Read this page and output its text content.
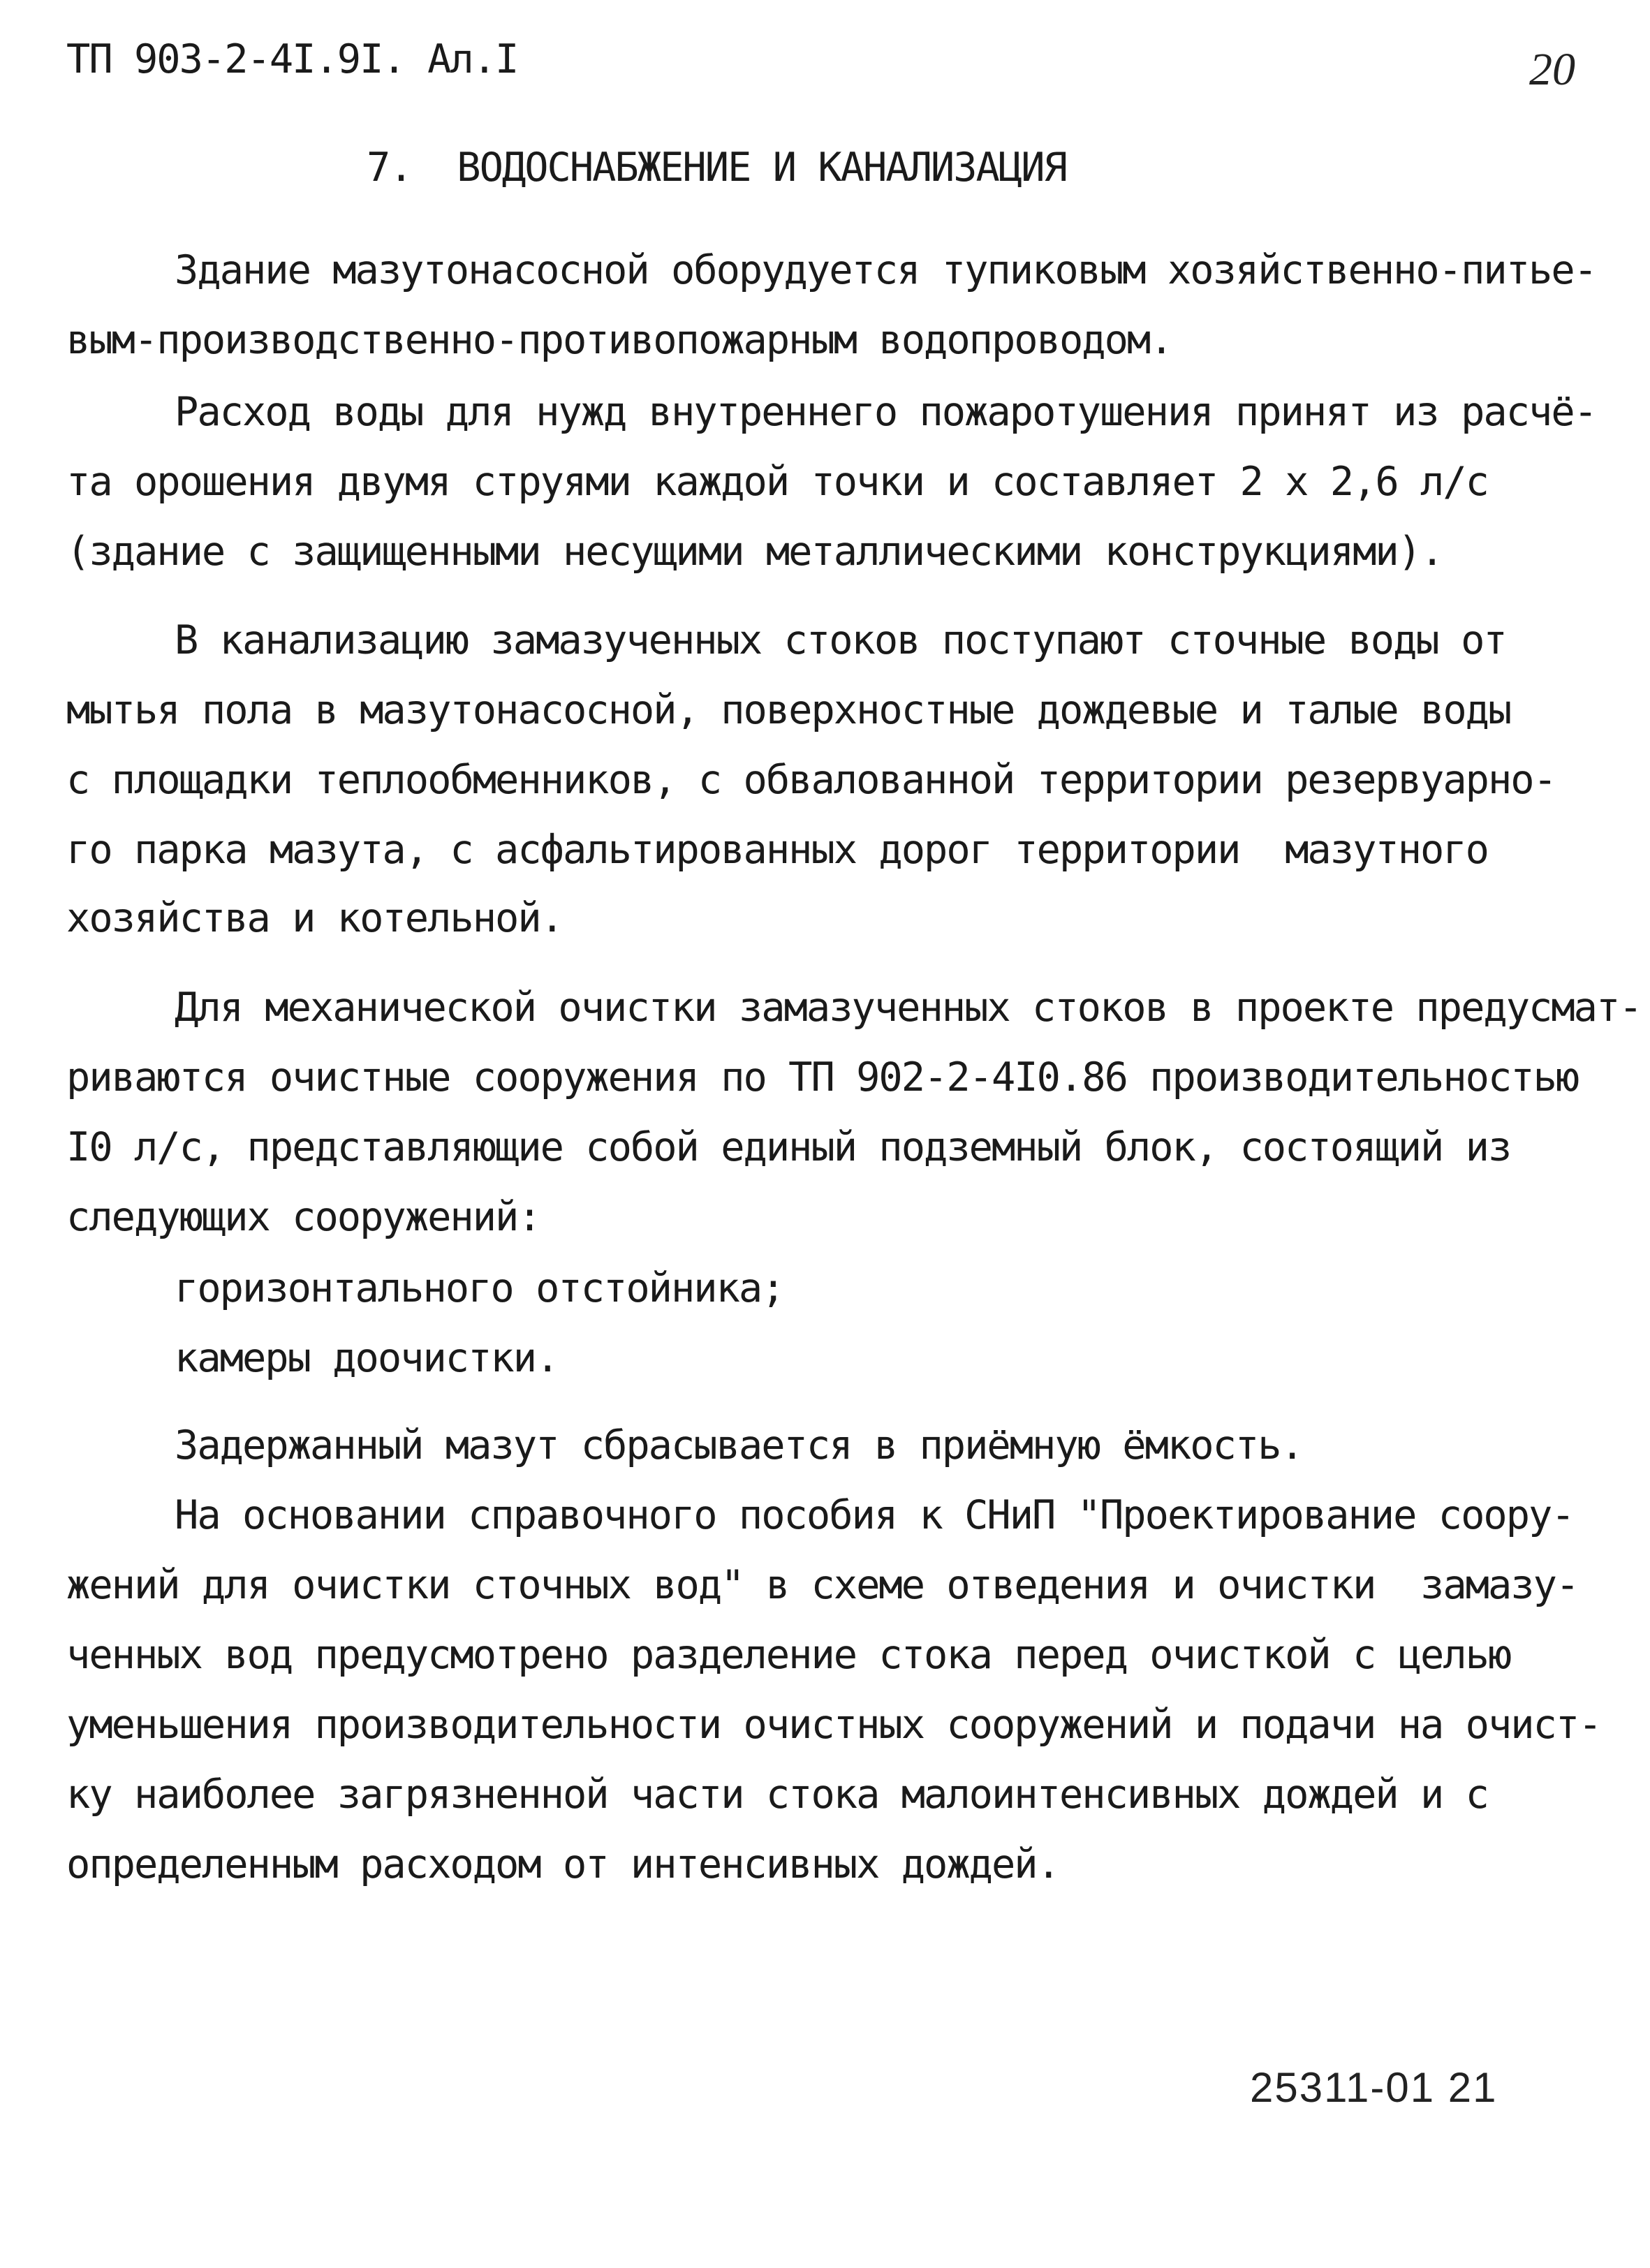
ТП 903-2-4I.9I. Ал.I	20
7.  ВОДОСНАБЖЕНИЕ И КАНАЛИЗАЦИЯ
Здание мазутонасосной оборудуется тупиковым хозяйственно-питье-
вым-производственно-противопожарным водопроводом.
Расход воды для нужд внутреннего пожаротушения принят из расчё-
та орошения двумя струями каждой точки и составляет 2 х 2,6 л/с
(здание с защищенными несущими металлическими конструкциями).
В канализацию замазученных стоков поступают сточные воды от
мытья пола в мазутонасосной, поверхностные дождевые и талые воды
с площадки теплообменников, с обвалованной территории резервуарно-
го парка мазута, с асфальтированных дорог территории  мазутного
хозяйства и котельной.
Для механической очистки замазученных стоков в проекте предусмат-
риваются очистные сооружения по ТП 902-2-4I0.86 производительностью
I0 л/с, представляющие собой единый подземный блок, состоящий из
следующих сооружений:
горизонтального отстойника;
камеры доочистки.
Задержанный мазут сбрасывается в приёмную ёмкость.
На основании справочного пособия к СНиП "Проектирование соору-
жений для очистки сточных вод" в схеме отведения и очистки  замазу-
ченных вод предусмотрено разделение стока перед очисткой с целью
уменьшения производительности очистных сооружений и подачи на очист-
ку наиболее загрязненной части стока малоинтенсивных дождей и с
определенным расходом от интенсивных дождей.
25311-01 21
